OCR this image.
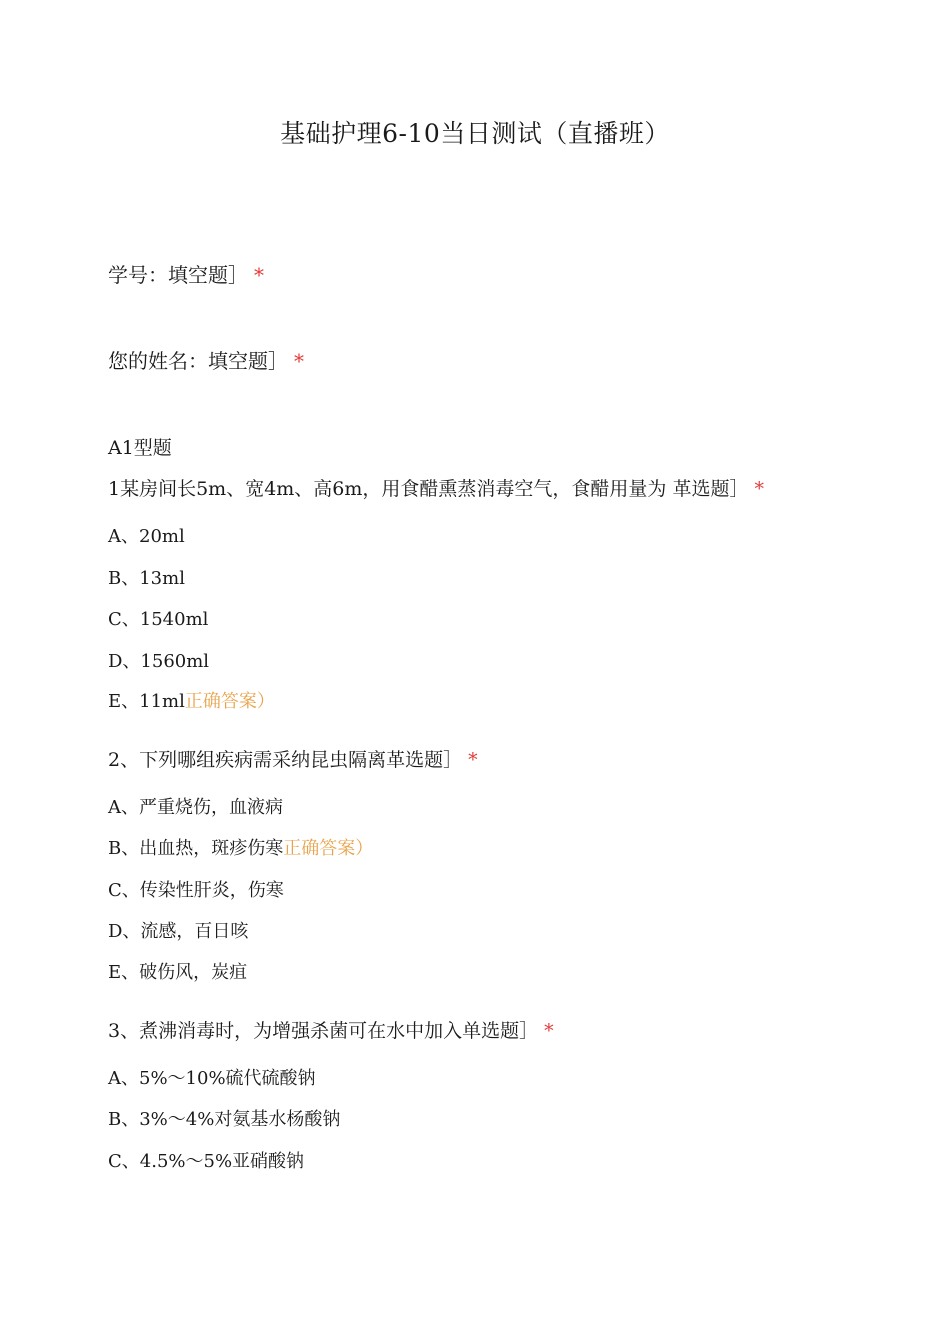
基础护理6-10当日测试（直播班）
学号：填空题］ *
您的姓名：填空题］ *
A1型题
1某房间长5m、宽4m、高6m，用食醋熏蒸消毒空气，食醋用量为 革选题］ *
A、20ml
B、13ml
C、1540ml
D、1560ml
E、11ml正确答案）
2、下列哪组疾病需采纳昆虫隔离革选题］ *
A、严重烧伤，血液病
B、出血热，斑疹伤寒正确答案）
C、传染性肝炎，伤寒
D、流感，百日咳
E、破伤风，炭疽
3、煮沸消毒时，为增强杀菌可在水中加入单选题］ *
A、5%〜10%硫代硫酸钠
B、3%〜4%对氨基水杨酸钠
C、4.5%〜5%亚硝酸钠
